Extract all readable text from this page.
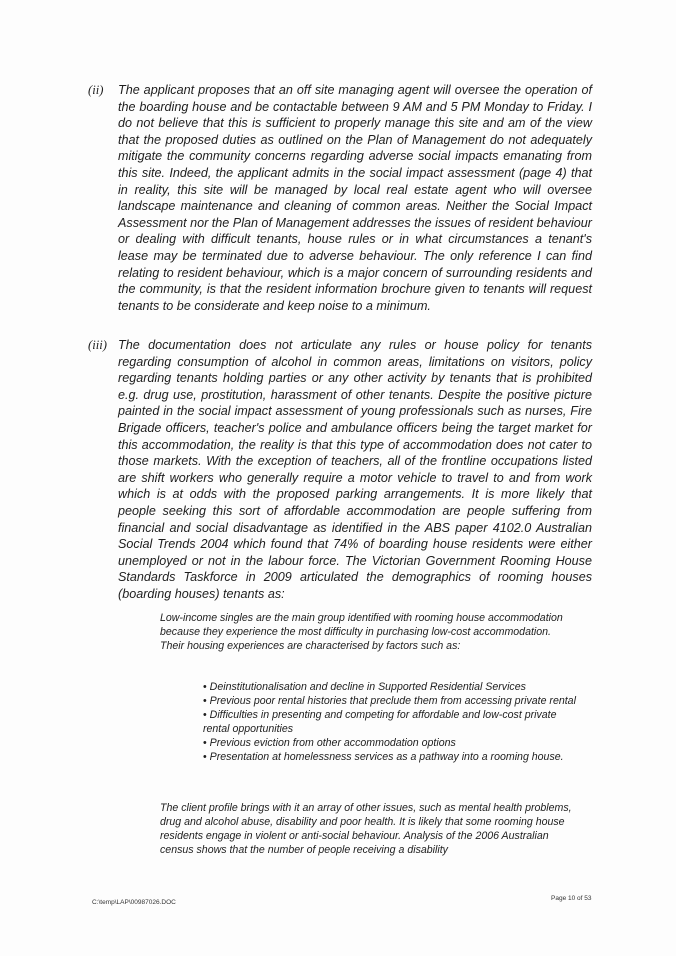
(ii) The applicant proposes that an off site managing agent will oversee the operation of the boarding house and be contactable between 9 AM and 5 PM Monday to Friday. I do not believe that this is sufficient to properly manage this site and am of the view that the proposed duties as outlined on the Plan of Management do not adequately mitigate the community concerns regarding adverse social impacts emanating from this site. Indeed, the applicant admits in the social impact assessment (page 4) that in reality, this site will be managed by local real estate agent who will oversee landscape maintenance and cleaning of common areas. Neither the Social Impact Assessment nor the Plan of Management addresses the issues of resident behaviour or dealing with difficult tenants, house rules or in what circumstances a tenant's lease may be terminated due to adverse behaviour. The only reference I can find relating to resident behaviour, which is a major concern of surrounding residents and the community, is that the resident information brochure given to tenants will request tenants to be considerate and keep noise to a minimum.
(iii) The documentation does not articulate any rules or house policy for tenants regarding consumption of alcohol in common areas, limitations on visitors, policy regarding tenants holding parties or any other activity by tenants that is prohibited e.g. drug use, prostitution, harassment of other tenants. Despite the positive picture painted in the social impact assessment of young professionals such as nurses, Fire Brigade officers, teacher's police and ambulance officers being the target market for this accommodation, the reality is that this type of accommodation does not cater to those markets. With the exception of teachers, all of the frontline occupations listed are shift workers who generally require a motor vehicle to travel to and from work which is at odds with the proposed parking arrangements. It is more likely that people seeking this sort of affordable accommodation are people suffering from financial and social disadvantage as identified in the ABS paper 4102.0 Australian Social Trends 2004 which found that 74% of boarding house residents were either unemployed or not in the labour force. The Victorian Government Rooming House Standards Taskforce in 2009 articulated the demographics of rooming houses (boarding houses) tenants as:
Low-income singles are the main group identified with rooming house accommodation because they experience the most difficulty in purchasing low-cost accommodation. Their housing experiences are characterised by factors such as:
• Deinstitutionalisation and decline in Supported Residential Services
• Previous poor rental histories that preclude them from accessing private rental
• Difficulties in presenting and competing for affordable and low-cost private rental opportunities
• Previous eviction from other accommodation options
• Presentation at homelessness services as a pathway into a rooming house.
The client profile brings with it an array of other issues, such as mental health problems, drug and alcohol abuse, disability and poor health. It is likely that some rooming house residents engage in violent or anti-social behaviour. Analysis of the 2006 Australian census shows that the number of people receiving a disability
C:\temp\LAP\00987026.DOC
Page 10 of 53
